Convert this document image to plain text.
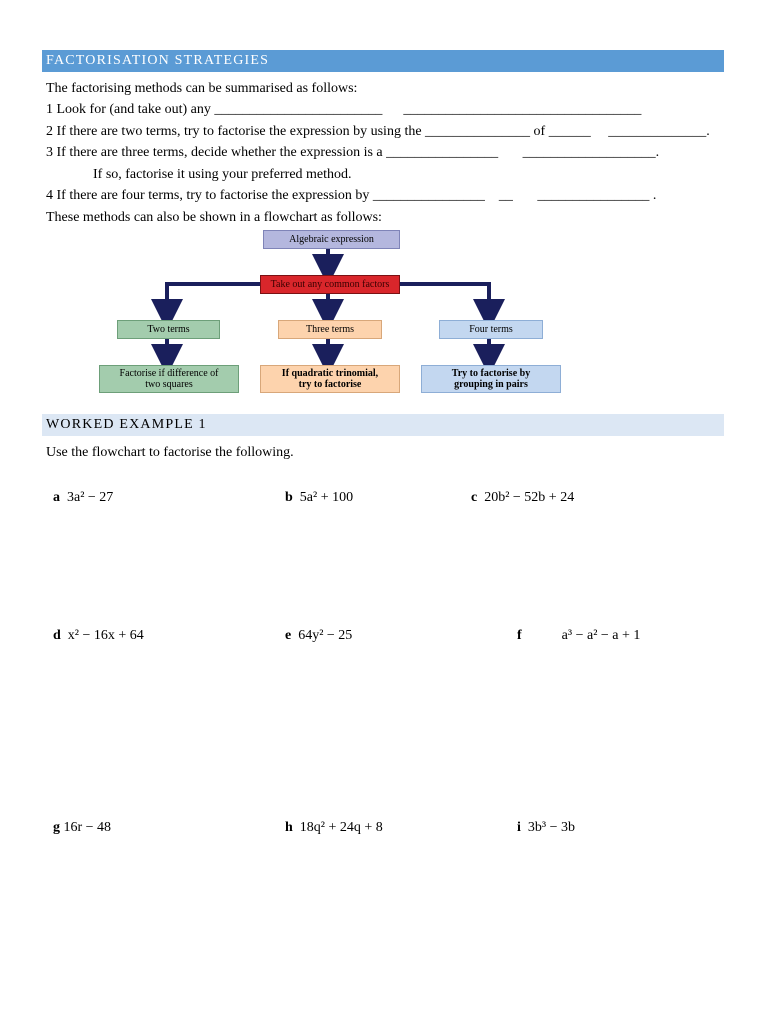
FACTORISATION STRATEGIES
The factorising methods can be summarised as follows:
1 Look for (and take out) any ________________________      __________________________________
2 If there are two terms, try to factorise the expression by using the _______________ of ______     ______________.
3 If there are three terms, decide whether the expression is a ________________       ___________________.
If so, factorise it using your preferred method.
4 If there are four terms, try to factorise the expression by ________________    __       ________________ .
These methods can also be shown in a flowchart as follows:
Algebraic expression
Take out any common factors
Two terms	Three terms	Four terms
Factorise if difference of two squares
If quadratic trinomial, try to factorise
Try to factorise by grouping in pairs
WORKED EXAMPLE 1
Use the flowchart to factorise the following.

a 3a² − 27	b 5a² + 100	c 20b² − 52b + 24

d x² − 16x + 64	e 64y² − 25	f	a³ − a² − a + 1

g 16r − 48	h 18q² + 24q + 8	i 3b³ − 3b
